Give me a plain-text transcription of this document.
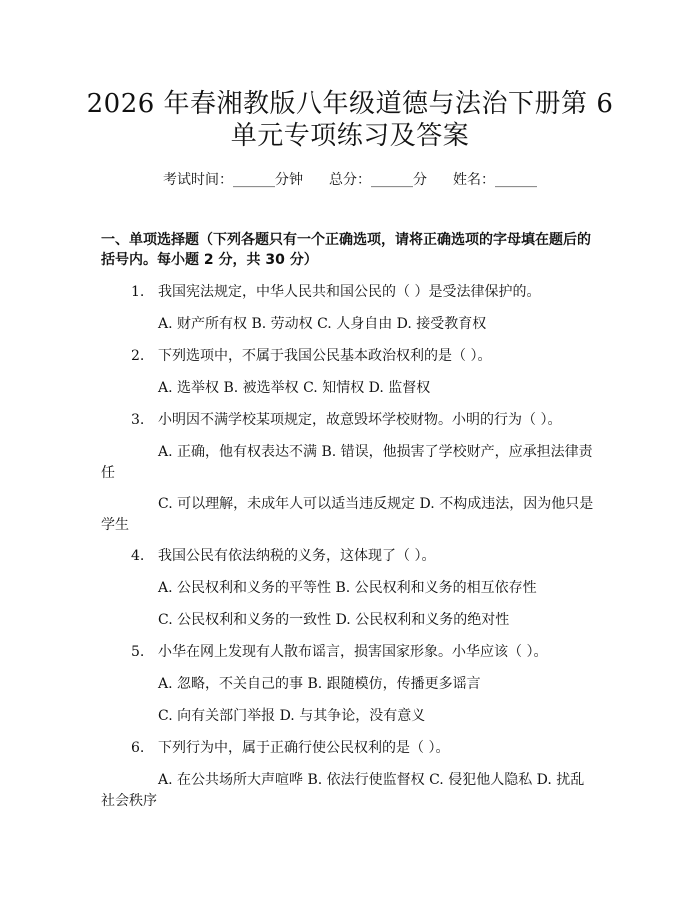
2026 年春湘教版八年级道德与法治下册第 6
单元专项练习及答案
考试时间：______分钟 总分：______分 姓名：______
一、单项选择题（下列各题只有一个正确选项，请将正确选项的字母填在题后的
括号内。每小题 2 分，共 30 分）
1. 我国宪法规定，中华人民共和国公民的（ ）是受法律保护的。
A. 财产所有权 B. 劳动权 C. 人身自由 D. 接受教育权
2. 下列选项中，不属于我国公民基本政治权利的是（ ）。
A. 选举权 B. 被选举权 C. 知情权 D. 监督权
3. 小明因不满学校某项规定，故意毁坏学校财物。小明的行为（ ）。
A. 正确，他有权表达不满 B. 错误，他损害了学校财产，应承担法律责
任
C. 可以理解，未成年人可以适当违反规定 D. 不构成违法，因为他只是
学生
4. 我国公民有依法纳税的义务，这体现了（ ）。
A. 公民权利和义务的平等性 B. 公民权利和义务的相互依存性
C. 公民权利和义务的一致性 D. 公民权利和义务的绝对性
5. 小华在网上发现有人散布谣言，损害国家形象。小华应该（ ）。
A. 忽略，不关自己的事 B. 跟随模仿，传播更多谣言
C. 向有关部门举报 D. 与其争论，没有意义
6. 下列行为中，属于正确行使公民权利的是（ ）。
A. 在公共场所大声喧哗 B. 依法行使监督权 C. 侵犯他人隐私 D. 扰乱
社会秩序
